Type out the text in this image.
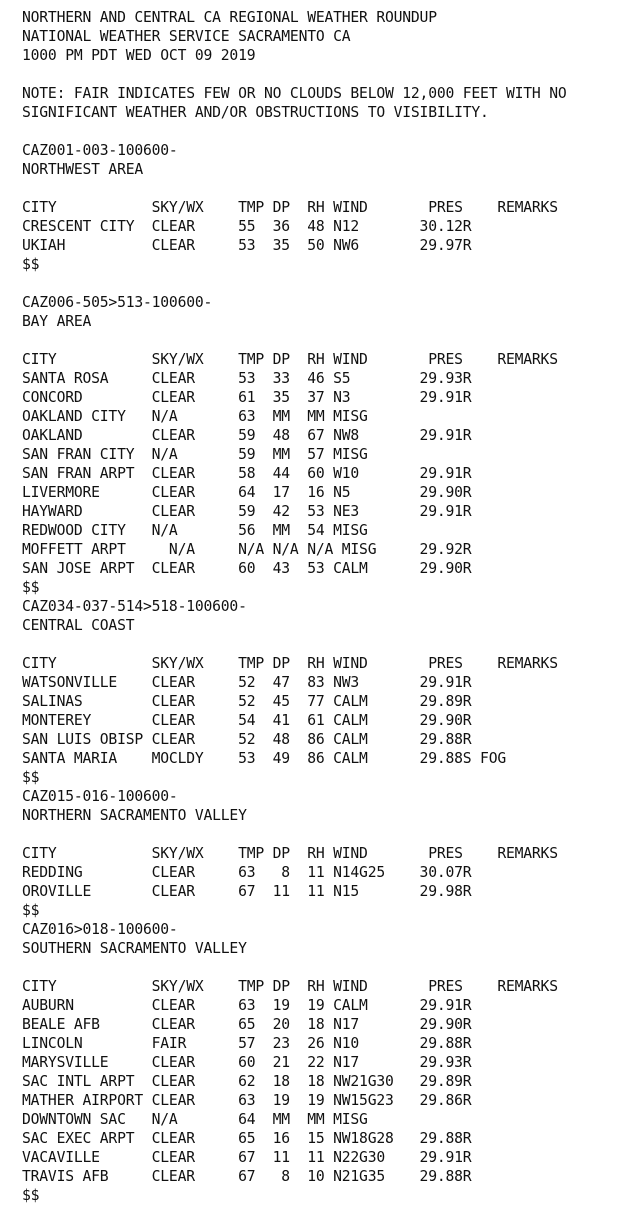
NORTHERN AND CENTRAL CA REGIONAL WEATHER ROUNDUP
NATIONAL WEATHER SERVICE SACRAMENTO CA
1000 PM PDT WED OCT 09 2019
NOTE: FAIR INDICATES FEW OR NO CLOUDS BELOW 12,000 FEET WITH NO
SIGNIFICANT WEATHER AND/OR OBSTRUCTIONS TO VISIBILITY.
CAZ001-003-100600-
NORTHWEST AREA
CITY           SKY/WX    TMP DP  RH WIND       PRES    REMARKS
CRESCENT CITY  CLEAR     55  36  48 N12       30.12R
UKIAH          CLEAR     53  35  50 NW6       29.97R
$$
CAZ006-505>513-100600-
BAY AREA
CITY           SKY/WX    TMP DP  RH WIND       PRES    REMARKS
SANTA ROSA     CLEAR     53  33  46 S5        29.93R
CONCORD        CLEAR     61  35  37 N3        29.91R
OAKLAND CITY   N/A       63  MM  MM MISG
OAKLAND        CLEAR     59  48  67 NW8       29.91R
SAN FRAN CITY  N/A       59  MM  57 MISG
SAN FRAN ARPT  CLEAR     58  44  60 W10       29.91R
LIVERMORE      CLEAR     64  17  16 N5        29.90R
HAYWARD        CLEAR     59  42  53 NE3       29.91R
REDWOOD CITY   N/A       56  MM  54 MISG
MOFFETT ARPT     N/A     N/A N/A N/A MISG     29.92R
SAN JOSE ARPT  CLEAR     60  43  53 CALM      29.90R
$$
CAZ034-037-514>518-100600-
CENTRAL COAST
CITY           SKY/WX    TMP DP  RH WIND       PRES    REMARKS
WATSONVILLE    CLEAR     52  47  83 NW3       29.91R
SALINAS        CLEAR     52  45  77 CALM      29.89R
MONTEREY       CLEAR     54  41  61 CALM      29.90R
SAN LUIS OBISP CLEAR     52  48  86 CALM      29.88R
SANTA MARIA    MOCLDY    53  49  86 CALM      29.88S FOG
$$
CAZ015-016-100600-
NORTHERN SACRAMENTO VALLEY
CITY           SKY/WX    TMP DP  RH WIND       PRES    REMARKS
REDDING        CLEAR     63   8  11 N14G25    30.07R
OROVILLE       CLEAR     67  11  11 N15       29.98R
$$
CAZ016>018-100600-
SOUTHERN SACRAMENTO VALLEY
CITY           SKY/WX    TMP DP  RH WIND       PRES    REMARKS
AUBURN         CLEAR     63  19  19 CALM      29.91R
BEALE AFB      CLEAR     65  20  18 N17       29.90R
LINCOLN        FAIR      57  23  26 N10       29.88R
MARYSVILLE     CLEAR     60  21  22 N17       29.93R
SAC INTL ARPT  CLEAR     62  18  18 NW21G30   29.89R
MATHER AIRPORT CLEAR     63  19  19 NW15G23   29.86R
DOWNTOWN SAC   N/A       64  MM  MM MISG
SAC EXEC ARPT  CLEAR     65  16  15 NW18G28   29.88R
VACAVILLE      CLEAR     67  11  11 N22G30    29.91R
TRAVIS AFB     CLEAR     67   8  10 N21G35    29.88R
$$
